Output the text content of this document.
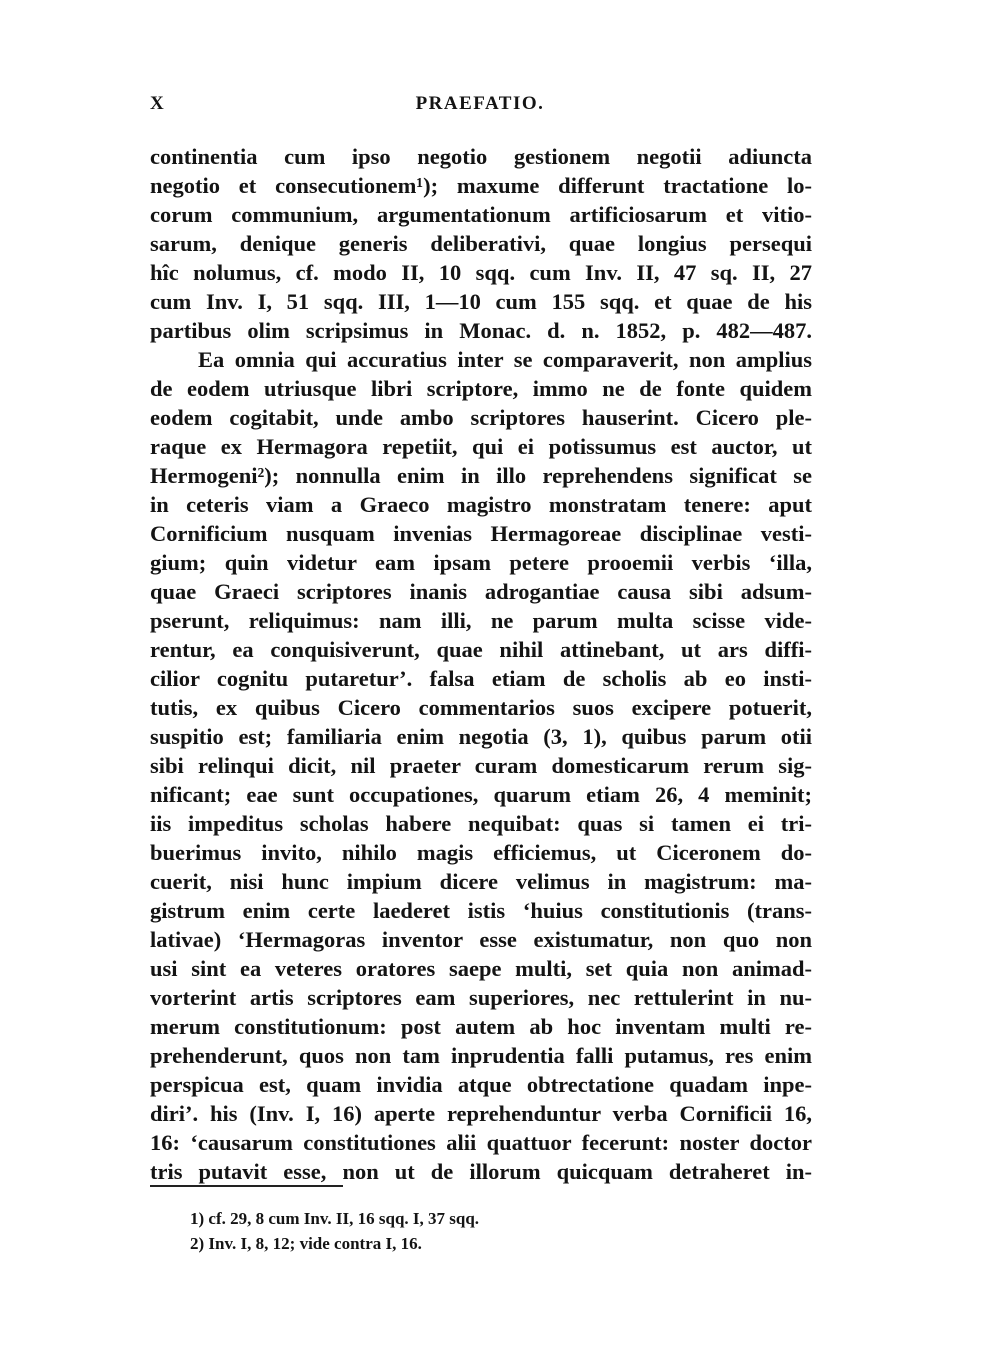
X	PRAEFATIO.
continentia cum ipso negotio gestionem negotii adiuncta
negotio et consecutionem¹); maxume differunt tractatione lo-
corum communium, argumentationum artificiosarum et vitio-
sarum, denique generis deliberativi, quae longius persequi
hîc nolumus, cf. modo II, 10 sqq. cum Inv. II, 47 sq. II, 27
cum Inv. I, 51 sqq. III, 1—10 cum 155 sqq. et quae de his
partibus olim scripsimus in Monac. d. n. 1852, p. 482—487.
Ea omnia qui accuratius inter se comparaverit, non amplius
de eodem utriusque libri scriptore, immo ne de fonte quidem
eodem cogitabit, unde ambo scriptores hauserint. Cicero ple-
raque ex Hermagora repetiit, qui ei potissumus est auctor, ut
Hermogeni²); nonnulla enim in illo reprehendens significat se
in ceteris viam a Graeco magistro monstratam tenere: aput
Cornificium nusquam invenias Hermagoreae disciplinae vesti-
gium; quin videtur eam ipsam petere prooemii verbis ‘illa,
quae Graeci scriptores inanis adrogantiae causa sibi adsum-
pserunt, reliquimus: nam illi, ne parum multa scisse vide-
rentur, ea conquisiverunt, quae nihil attinebant, ut ars diffi-
cilior cognitu putaretur’. falsa etiam de scholis ab eo insti-
tutis, ex quibus Cicero commentarios suos excipere potuerit,
suspitio est; familiaria enim negotia (3, 1), quibus parum otii
sibi relinqui dicit, nil praeter curam domesticarum rerum sig-
nificant; eae sunt occupationes, quarum etiam 26, 4 meminit;
iis impeditus scholas habere nequibat: quas si tamen ei tri-
buerimus invito, nihilo magis efficiemus, ut Ciceronem do-
cuerit, nisi hunc impium dicere velimus in magistrum: ma-
gistrum enim certe laederet istis ‘huius constitutionis (trans-
lativae) ‘Hermagoras inventor esse existumatur, non quo non
usi sint ea veteres oratores saepe multi, set quia non animad-
vorterint artis scriptores eam superiores, nec rettulerint in nu-
merum constitutionum: post autem ab hoc inventam multi re-
prehenderunt, quos non tam inprudentia falli putamus, res enim
perspicua est, quam invidia atque obtrectatione quadam inpe-
diri’. his (Inv. I, 16) aperte reprehenduntur verba Cornificii 16,
16: ‘causarum constitutiones alii quattuor fecerunt: noster doctor
tris putavit esse, non ut de illorum quicquam detraheret in-
1) cf. 29, 8 cum Inv. II, 16 sqq. I, 37 sqq.
2) Inv. I, 8, 12; vide contra I, 16.
